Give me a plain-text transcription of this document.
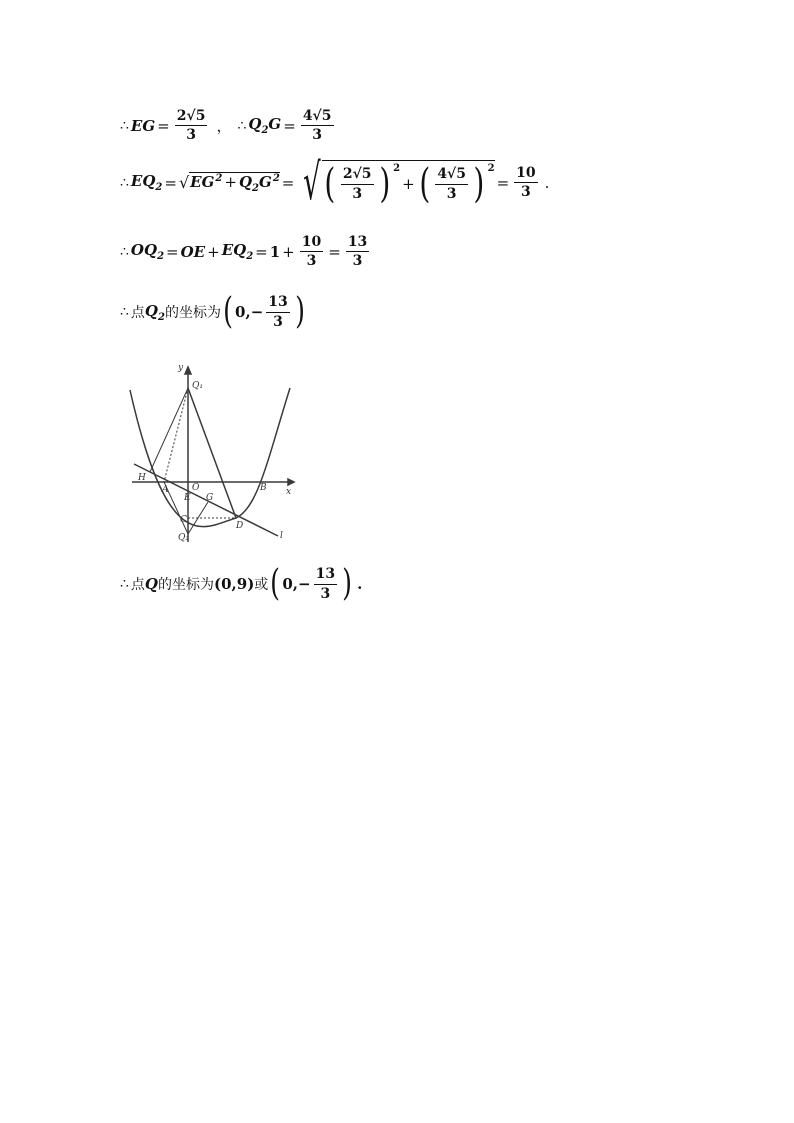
∴ EG = $\frac{2√5}{3}$ ， ∴ $Q_2G = \frac{4√5}{3}$
∴ $EQ_2$ = √ $EG^2 + Q_2G^2$ = √ ( $\frac{2√5}{3}$ ) 2
+ ( $\frac{4√5}{3}$ ) 2
= $\frac{10}{3}$ .
∴ $OQ_2$ = OE + $EQ_2 = 1 + \frac{10}{3} = \frac{13}{3}$
∴ 点 $Q_2$ 的坐标为 ( 0, − $\frac{13}{3}$ )
y
x
Q₁
Q₂
H
A	O
E G
C
D
B
l
∴ 点 Q 的坐标为 (0,9) 或 ( 0, − $\frac{13}{3}$ ) .
